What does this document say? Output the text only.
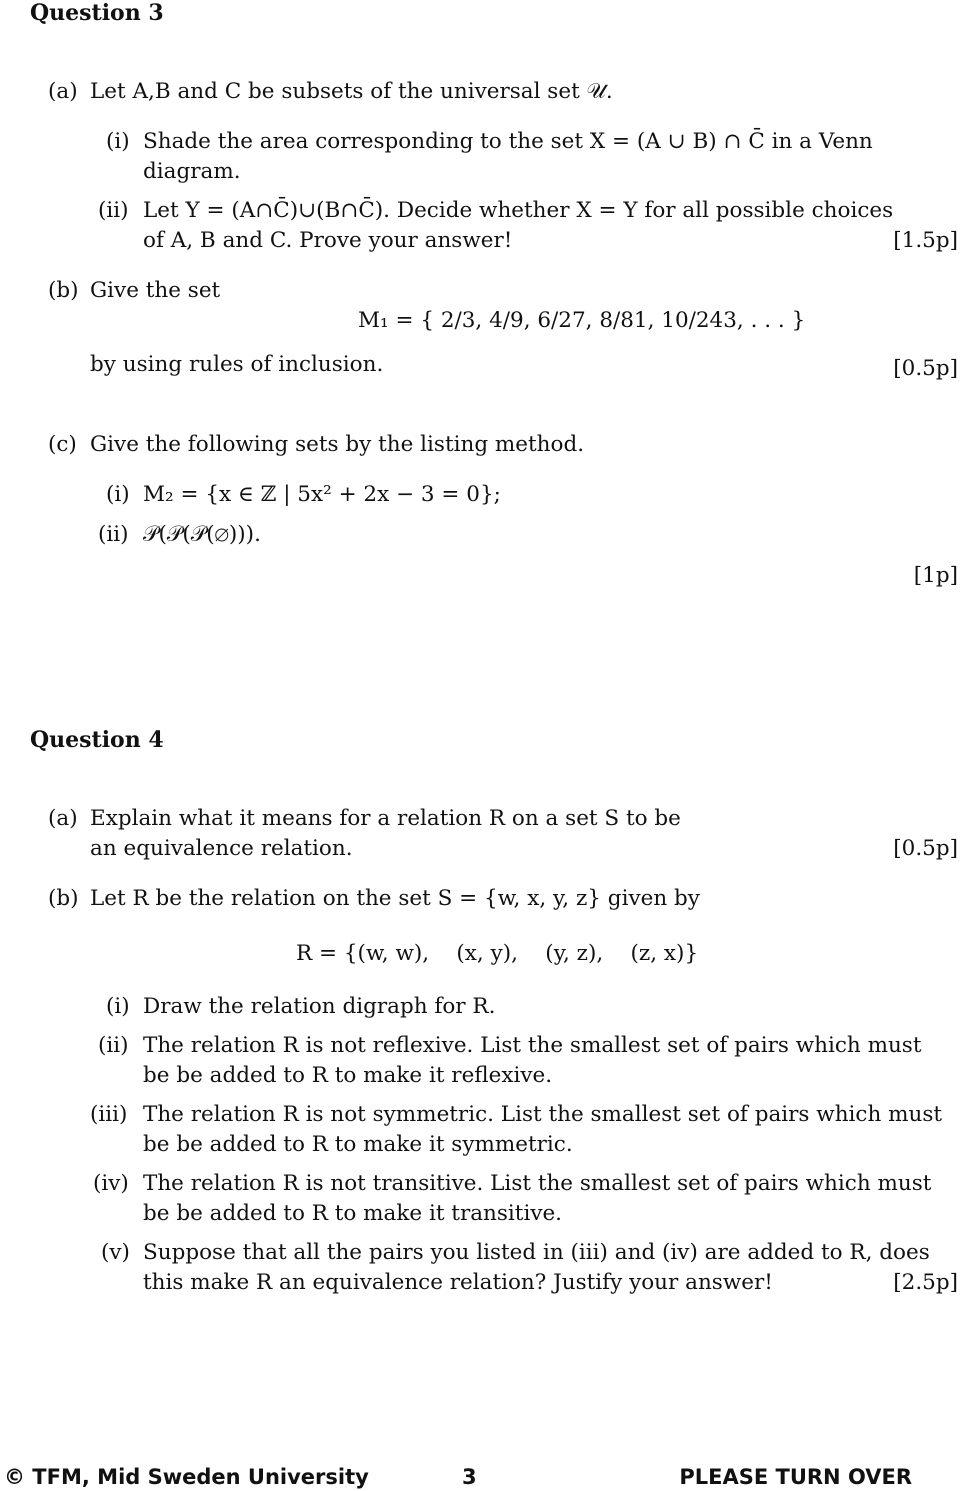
Question 3
(a) Let A,B and C be subsets of the universal set 𝒰.
(i) Shade the area corresponding to the set X = (A ∪ B) ∩ C̄ in a Venn
diagram.
(ii) Let Y = (A∩C̄)∪(B∩C̄). Decide whether X = Y for all possible choices
of A, B and C. Prove your answer!	[1.5p]
(b) Give the set
M₁ = { 2/3, 4/9, 6/27, 8/81, 10/243, . . . }
by using rules of inclusion.	[0.5p]
(c) Give the following sets by the listing method.
(i) M₂ = {x ∈ ℤ | 5x² + 2x − 3 = 0};
(ii) 𝒫(𝒫(𝒫(∅))).
[1p]
Question 4
(a) Explain what it means for a relation R on a set S to be
an equivalence relation.	[0.5p]
(b) Let R be the relation on the set S = {w, x, y, z} given by
R = {(w, w),    (x, y),    (y, z),    (z, x)}
(i) Draw the relation digraph for R.
(ii) The relation R is not reflexive. List the smallest set of pairs which must
be be added to R to make it reflexive.
(iii) The relation R is not symmetric. List the smallest set of pairs which must
be be added to R to make it symmetric.
(iv) The relation R is not transitive. List the smallest set of pairs which must
be be added to R to make it transitive.
(v) Suppose that all the pairs you listed in (iii) and (iv) are added to R, does
this make R an equivalence relation? Justify your answer!	[2.5p]
© TFM, Mid Sweden University	3	PLEASE TURN OVER
